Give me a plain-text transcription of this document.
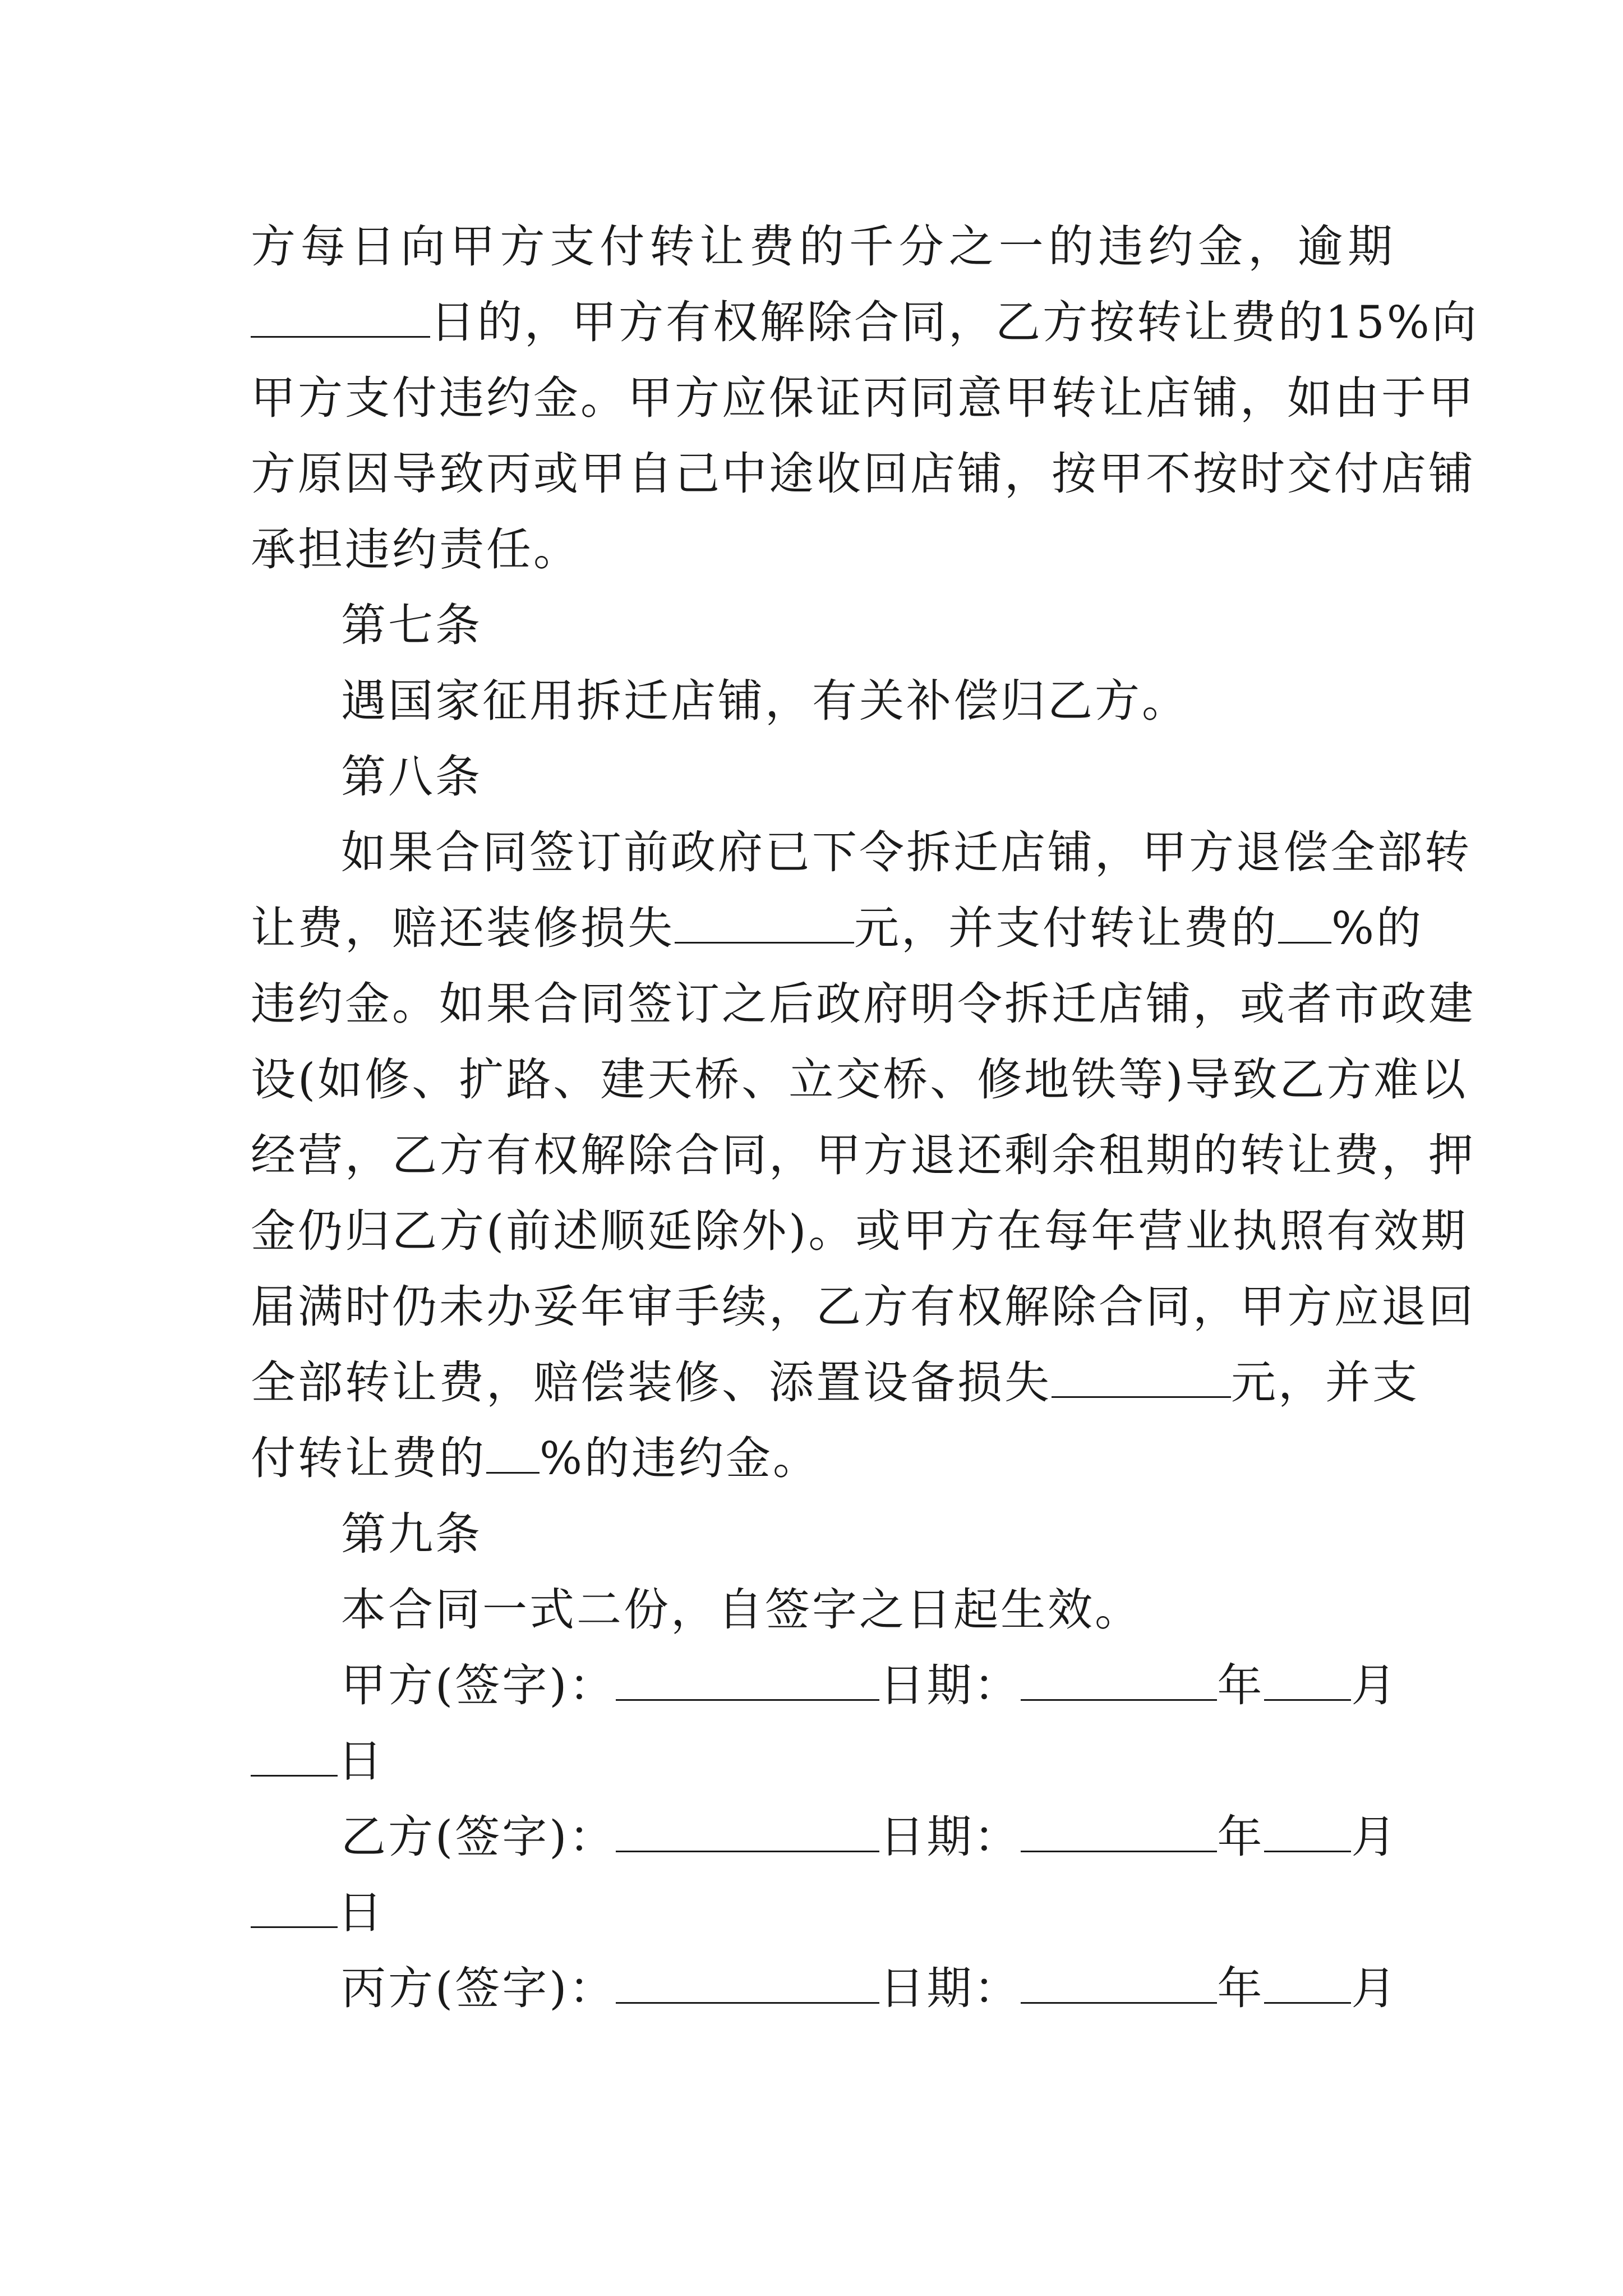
方 每 日 向 甲 方 支 付 转 让 费 的 千 分 之 一 的 违 约 金 ， 逾 期
日的，甲方有权解除合同，乙方按转让费的15%向
甲方支付违约金。甲方应保证丙同意甲转让店铺，如由于甲
方原因导致丙或甲自己中途收回店铺，按甲不按时交付店铺
承担违约责任。
第七条
遇国家征用拆迁店铺，有关补偿归乙方。
第八条
如果合同签订前政府已下令拆迁店铺，甲方退偿全部转
让费，赔还装修损失	元，并支付转让费的 %的
违约金。如果合同签订之后政府明令拆迁店铺，或者市政建
设(如修、扩路、建天桥、立交桥、修地铁等)导致乙方难以
经营，乙方有权解除合同，甲方退还剩余租期的转让费，押
金仍归乙方(前述顺延除外)。或甲方在每年营业执照有效期
届满时仍未办妥年审手续，乙方有权解除合同，甲方应退回
全部转让费，赔偿装修、添置设备损失	元，并支
付转让费的 %的违约金。
第九条
本合同一式二份，自签字之日起生效。
甲方(签字)：	日期：	年 月
日
乙方(签字)：	日期：	年 月
日
丙方(签字)：	日期：	年 月
